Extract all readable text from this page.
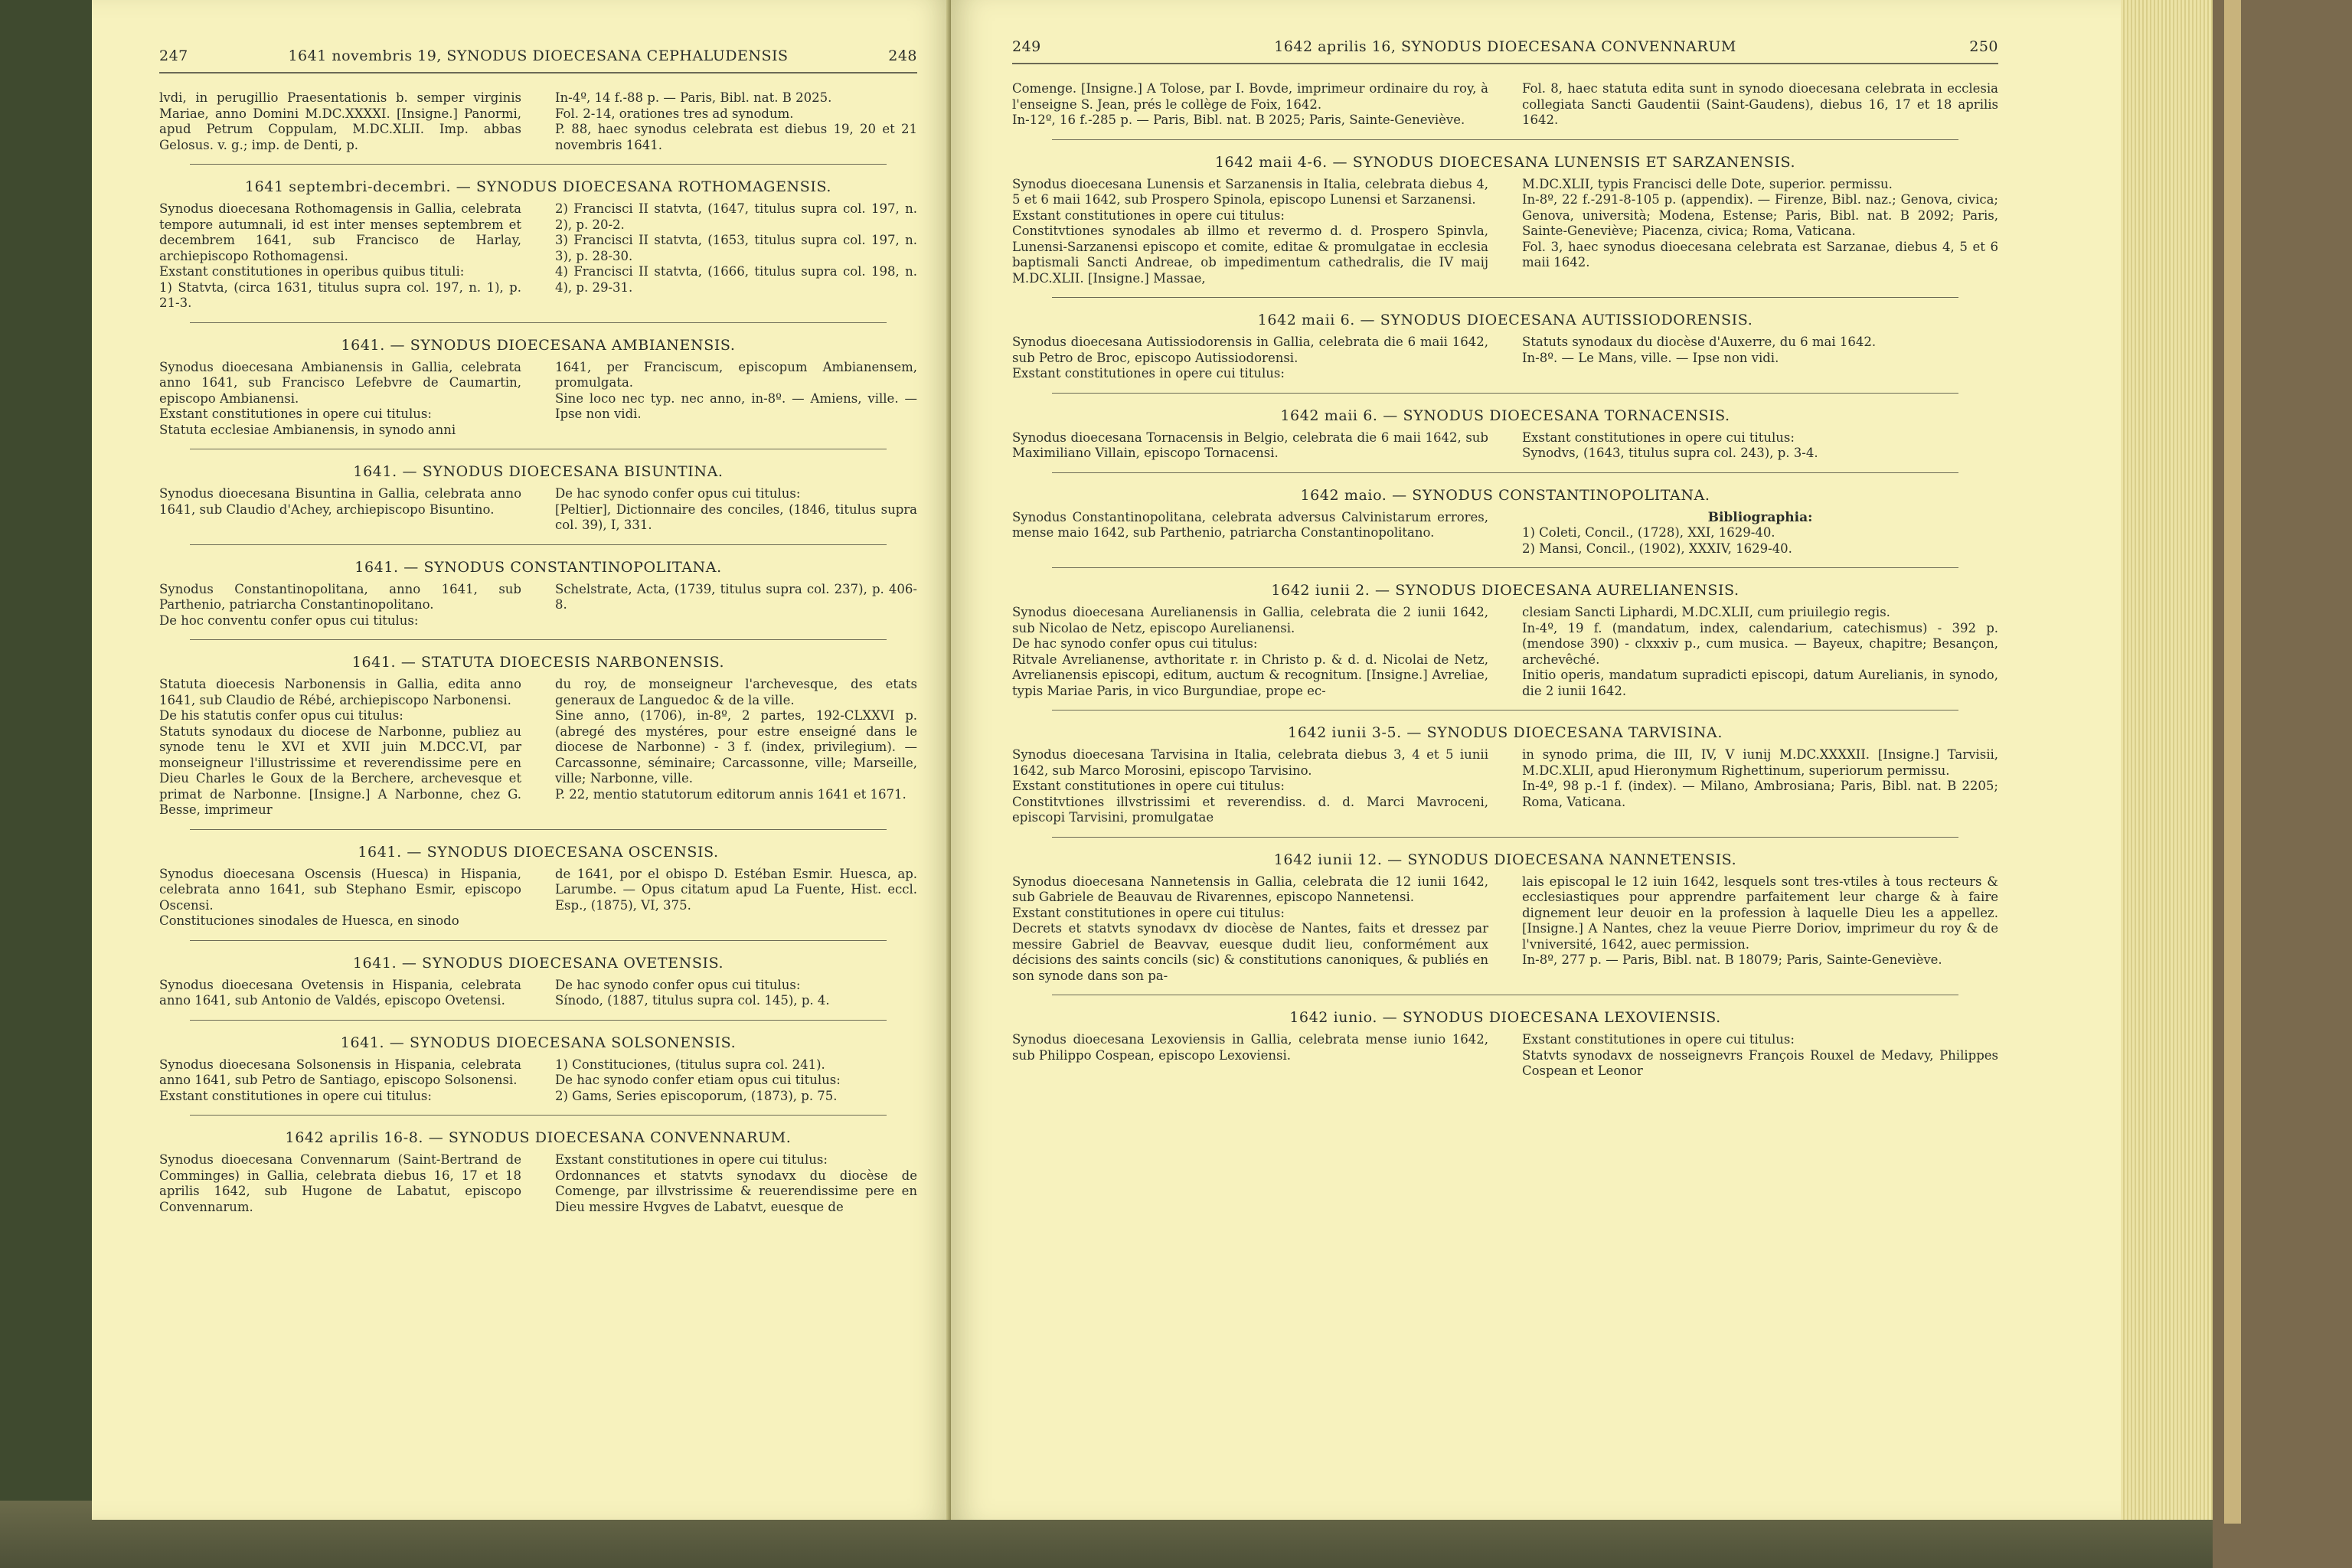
247	1641 novembris 19, SYNODUS DIOECESANA CEPHALUDENSIS	248
lvdi, in perugillio Praesentationis b. semper virginis Mariae, anno Domini M.DC.XXXXI. [Insigne.] Panormi, apud Petrum Coppulam, M.DC.XLII. Imp. abbas Gelosus. v. g.; imp. de Denti, p.
In-4º, 14 f.-88 p. — Paris, Bibl. nat. B 2025.
Fol. 2-14, orationes tres ad synodum.
P. 88, haec synodus celebrata est diebus 19, 20 et 21 novembris 1641.
1641 septembri-decembri. — SYNODUS DIOECESANA ROTHOMAGENSIS.
Synodus dioecesana Rothomagensis in Gallia, celebrata tempore autumnali, id est inter menses septembrem et decembrem 1641, sub Francisco de Harlay, archiepiscopo Rothomagensi.
Exstant constitutiones in operibus quibus tituli:
1) Statvta, (circa 1631, titulus supra col. 197, n. 1), p. 21-3.
2) Francisci II statvta, (1647, titulus supra col. 197, n. 2), p. 20-2.
3) Francisci II statvta, (1653, titulus supra col. 197, n. 3), p. 28-30.
4) Francisci II statvta, (1666, titulus supra col. 198, n. 4), p. 29-31.
1641. — SYNODUS DIOECESANA AMBIANENSIS.
Synodus dioecesana Ambianensis in Gallia, celebrata anno 1641, sub Francisco Lefebvre de Caumartin, episcopo Ambianensi.
Exstant constitutiones in opere cui titulus:
Statuta ecclesiae Ambianensis, in synodo anni
1641, per Franciscum, episcopum Ambianensem, promulgata.
Sine loco nec typ. nec anno, in-8º. — Amiens, ville. — Ipse non vidi.
1641. — SYNODUS DIOECESANA BISUNTINA.
Synodus dioecesana Bisuntina in Gallia, celebrata anno 1641, sub Claudio d'Achey, archiepiscopo Bisuntino.
De hac synodo confer opus cui titulus:
[Peltier], Dictionnaire des conciles, (1846, titulus supra col. 39), I, 331.
1641. — SYNODUS CONSTANTINOPOLITANA.
Synodus Constantinopolitana, anno 1641, sub Parthenio, patriarcha Constantinopolitano.
De hoc conventu confer opus cui titulus:
Schelstrate, Acta, (1739, titulus supra col. 237), p. 406-8.
1641. — STATUTA DIOECESIS NARBONENSIS.
Statuta dioecesis Narbonensis in Gallia, edita anno 1641, sub Claudio de Rébé, archiepiscopo Narbonensi.
De his statutis confer opus cui titulus:
Statuts synodaux du diocese de Narbonne, publiez au synode tenu le XVI et XVII juin M.DCC.VI, par monseigneur l'illustrissime et reverendissime pere en Dieu Charles le Goux de la Berchere, archevesque et primat de Narbonne. [Insigne.] A Narbonne, chez G. Besse, imprimeur
du roy, de monseigneur l'archevesque, des etats generaux de Languedoc & de la ville.
Sine anno, (1706), in-8º, 2 partes, 192-CLXXVI p. (abregé des mystéres, pour estre enseigné dans le diocese de Narbonne) - 3 f. (index, privilegium). — Carcassonne, séminaire; Carcassonne, ville; Marseille, ville; Narbonne, ville.
P. 22, mentio statutorum editorum annis 1641 et 1671.
1641. — SYNODUS DIOECESANA OSCENSIS.
Synodus dioecesana Oscensis (Huesca) in Hispania, celebrata anno 1641, sub Stephano Esmir, episcopo Oscensi.
Constituciones sinodales de Huesca, en sinodo
de 1641, por el obispo D. Estéban Esmir. Huesca, ap. Larumbe. — Opus citatum apud La Fuente, Hist. eccl. Esp., (1875), VI, 375.
1641. — SYNODUS DIOECESANA OVETENSIS.
Synodus dioecesana Ovetensis in Hispania, celebrata anno 1641, sub Antonio de Valdés, episcopo Ovetensi.
De hac synodo confer opus cui titulus:
Sínodo, (1887, titulus supra col. 145), p. 4.
1641. — SYNODUS DIOECESANA SOLSONENSIS.
Synodus dioecesana Solsonensis in Hispania, celebrata anno 1641, sub Petro de Santiago, episcopo Solsonensi.
Exstant constitutiones in opere cui titulus:
1) Constituciones, (titulus supra col. 241).
De hac synodo confer etiam opus cui titulus:
2) Gams, Series episcoporum, (1873), p. 75.
1642 aprilis 16-8. — SYNODUS DIOECESANA CONVENNARUM.
Synodus dioecesana Convennarum (Saint-Bertrand de Comminges) in Gallia, celebrata diebus 16, 17 et 18 aprilis 1642, sub Hugone de Labatut, episcopo Convennarum.
Exstant constitutiones in opere cui titulus:
Ordonnances et statvts synodavx du diocèse de Comenge, par illvstrissime & reuerendissime pere en Dieu messire Hvgves de Labatvt, euesque de
249	1642 aprilis 16, SYNODUS DIOECESANA CONVENNARUM	250
Comenge. [Insigne.] A Tolose, par I. Bovde, imprimeur ordinaire du roy, à l'enseigne S. Jean, prés le collège de Foix, 1642.
In-12º, 16 f.-285 p. — Paris, Bibl. nat. B 2025; Paris, Sainte-Geneviève.
Fol. 8, haec statuta edita sunt in synodo dioecesana celebrata in ecclesia collegiata Sancti Gaudentii (Saint-Gaudens), diebus 16, 17 et 18 aprilis 1642.
1642 maii 4-6. — SYNODUS DIOECESANA LUNENSIS ET SARZANENSIS.
Synodus dioecesana Lunensis et Sarzanensis in Italia, celebrata diebus 4, 5 et 6 maii 1642, sub Prospero Spinola, episcopo Lunensi et Sarzanensi.
Exstant constitutiones in opere cui titulus:
Constitvtiones synodales ab illmo et revermo d. d. Prospero Spinvla, Lunensi-Sarzanensi episcopo et comite, editae & promulgatae in ecclesia baptismali Sancti Andreae, ob impedimentum cathedralis, die IV maij M.DC.XLII. [Insigne.] Massae,
M.DC.XLII, typis Francisci delle Dote, superior. permissu.
In-8º, 22 f.-291-8-105 p. (appendix). — Firenze, Bibl. naz.; Genova, civica; Genova, università; Modena, Estense; Paris, Bibl. nat. B 2092; Paris, Sainte-Geneviève; Piacenza, civica; Roma, Vaticana.
Fol. 3, haec synodus dioecesana celebrata est Sarzanae, diebus 4, 5 et 6 maii 1642.
1642 maii 6. — SYNODUS DIOECESANA AUTISSIODORENSIS.
Synodus dioecesana Autissiodorensis in Gallia, celebrata die 6 maii 1642, sub Petro de Broc, episcopo Autissiodorensi.
Exstant constitutiones in opere cui titulus:
Statuts synodaux du diocèse d'Auxerre, du 6 mai 1642.
In-8º. — Le Mans, ville. — Ipse non vidi.
1642 maii 6. — SYNODUS DIOECESANA TORNACENSIS.
Synodus dioecesana Tornacensis in Belgio, celebrata die 6 maii 1642, sub Maximiliano Villain, episcopo Tornacensi.
Exstant constitutiones in opere cui titulus:
Synodvs, (1643, titulus supra col. 243), p. 3-4.
1642 maio. — SYNODUS CONSTANTINOPOLITANA.
Synodus Constantinopolitana, celebrata adversus Calvinistarum errores, mense maio 1642, sub Parthenio, patriarcha Constantinopolitano.
Bibliographia:
1) Coleti, Concil., (1728), XXI, 1629-40.
2) Mansi, Concil., (1902), XXXIV, 1629-40.
1642 iunii 2. — SYNODUS DIOECESANA AURELIANENSIS.
Synodus dioecesana Aurelianensis in Gallia, celebrata die 2 iunii 1642, sub Nicolao de Netz, episcopo Aurelianensi.
De hac synodo confer opus cui titulus:
Ritvale Avrelianense, avthoritate r. in Christo p. & d. d. Nicolai de Netz, Avrelianensis episcopi, editum, auctum & recognitum. [Insigne.] Avreliae, typis Mariae Paris, in vico Burgundiae, prope ec-
clesiam Sancti Liphardi, M.DC.XLII, cum priuilegio regis.
In-4º, 19 f. (mandatum, index, calendarium, catechismus) - 392 p. (mendose 390) - clxxxiv p., cum musica. — Bayeux, chapitre; Besançon, archevêché.
Initio operis, mandatum supradicti episcopi, datum Aurelianis, in synodo, die 2 iunii 1642.
1642 iunii 3-5. — SYNODUS DIOECESANA TARVISINA.
Synodus dioecesana Tarvisina in Italia, celebrata diebus 3, 4 et 5 iunii 1642, sub Marco Morosini, episcopo Tarvisino.
Exstant constitutiones in opere cui titulus:
Constitvtiones illvstrissimi et reverendiss. d. d. Marci Mavroceni, episcopi Tarvisini, promulgatae
in synodo prima, die III, IV, V iunij M.DC.XXXXII. [Insigne.] Tarvisii, M.DC.XLII, apud Hieronymum Righettinum, superiorum permissu.
In-4º, 98 p.-1 f. (index). — Milano, Ambrosiana; Paris, Bibl. nat. B 2205; Roma, Vaticana.
1642 iunii 12. — SYNODUS DIOECESANA NANNETENSIS.
Synodus dioecesana Nannetensis in Gallia, celebrata die 12 iunii 1642, sub Gabriele de Beauvau de Rivarennes, episcopo Nannetensi.
Exstant constitutiones in opere cui titulus:
Decrets et statvts synodavx dv diocèse de Nantes, faits et dressez par messire Gabriel de Beavvav, euesque dudit lieu, conformément aux décisions des saints concils (sic) & constitutions canoniques, & publiés en son synode dans son pa-
lais episcopal le 12 iuin 1642, lesquels sont tres-vtiles à tous recteurs & ecclesiastiques pour apprendre parfaitement leur charge & à faire dignement leur deuoir en la profession à laquelle Dieu les a appellez. [Insigne.] A Nantes, chez la veuue Pierre Doriov, imprimeur du roy & de l'vniversité, 1642, auec permission.
In-8º, 277 p. — Paris, Bibl. nat. B 18079; Paris, Sainte-Geneviève.
1642 iunio. — SYNODUS DIOECESANA LEXOVIENSIS.
Synodus dioecesana Lexoviensis in Gallia, celebrata mense iunio 1642, sub Philippo Cospean, episcopo Lexoviensi.
Exstant constitutiones in opere cui titulus:
Statvts synodavx de nosseignevrs François Rouxel de Medavy, Philippes Cospean et Leonor
